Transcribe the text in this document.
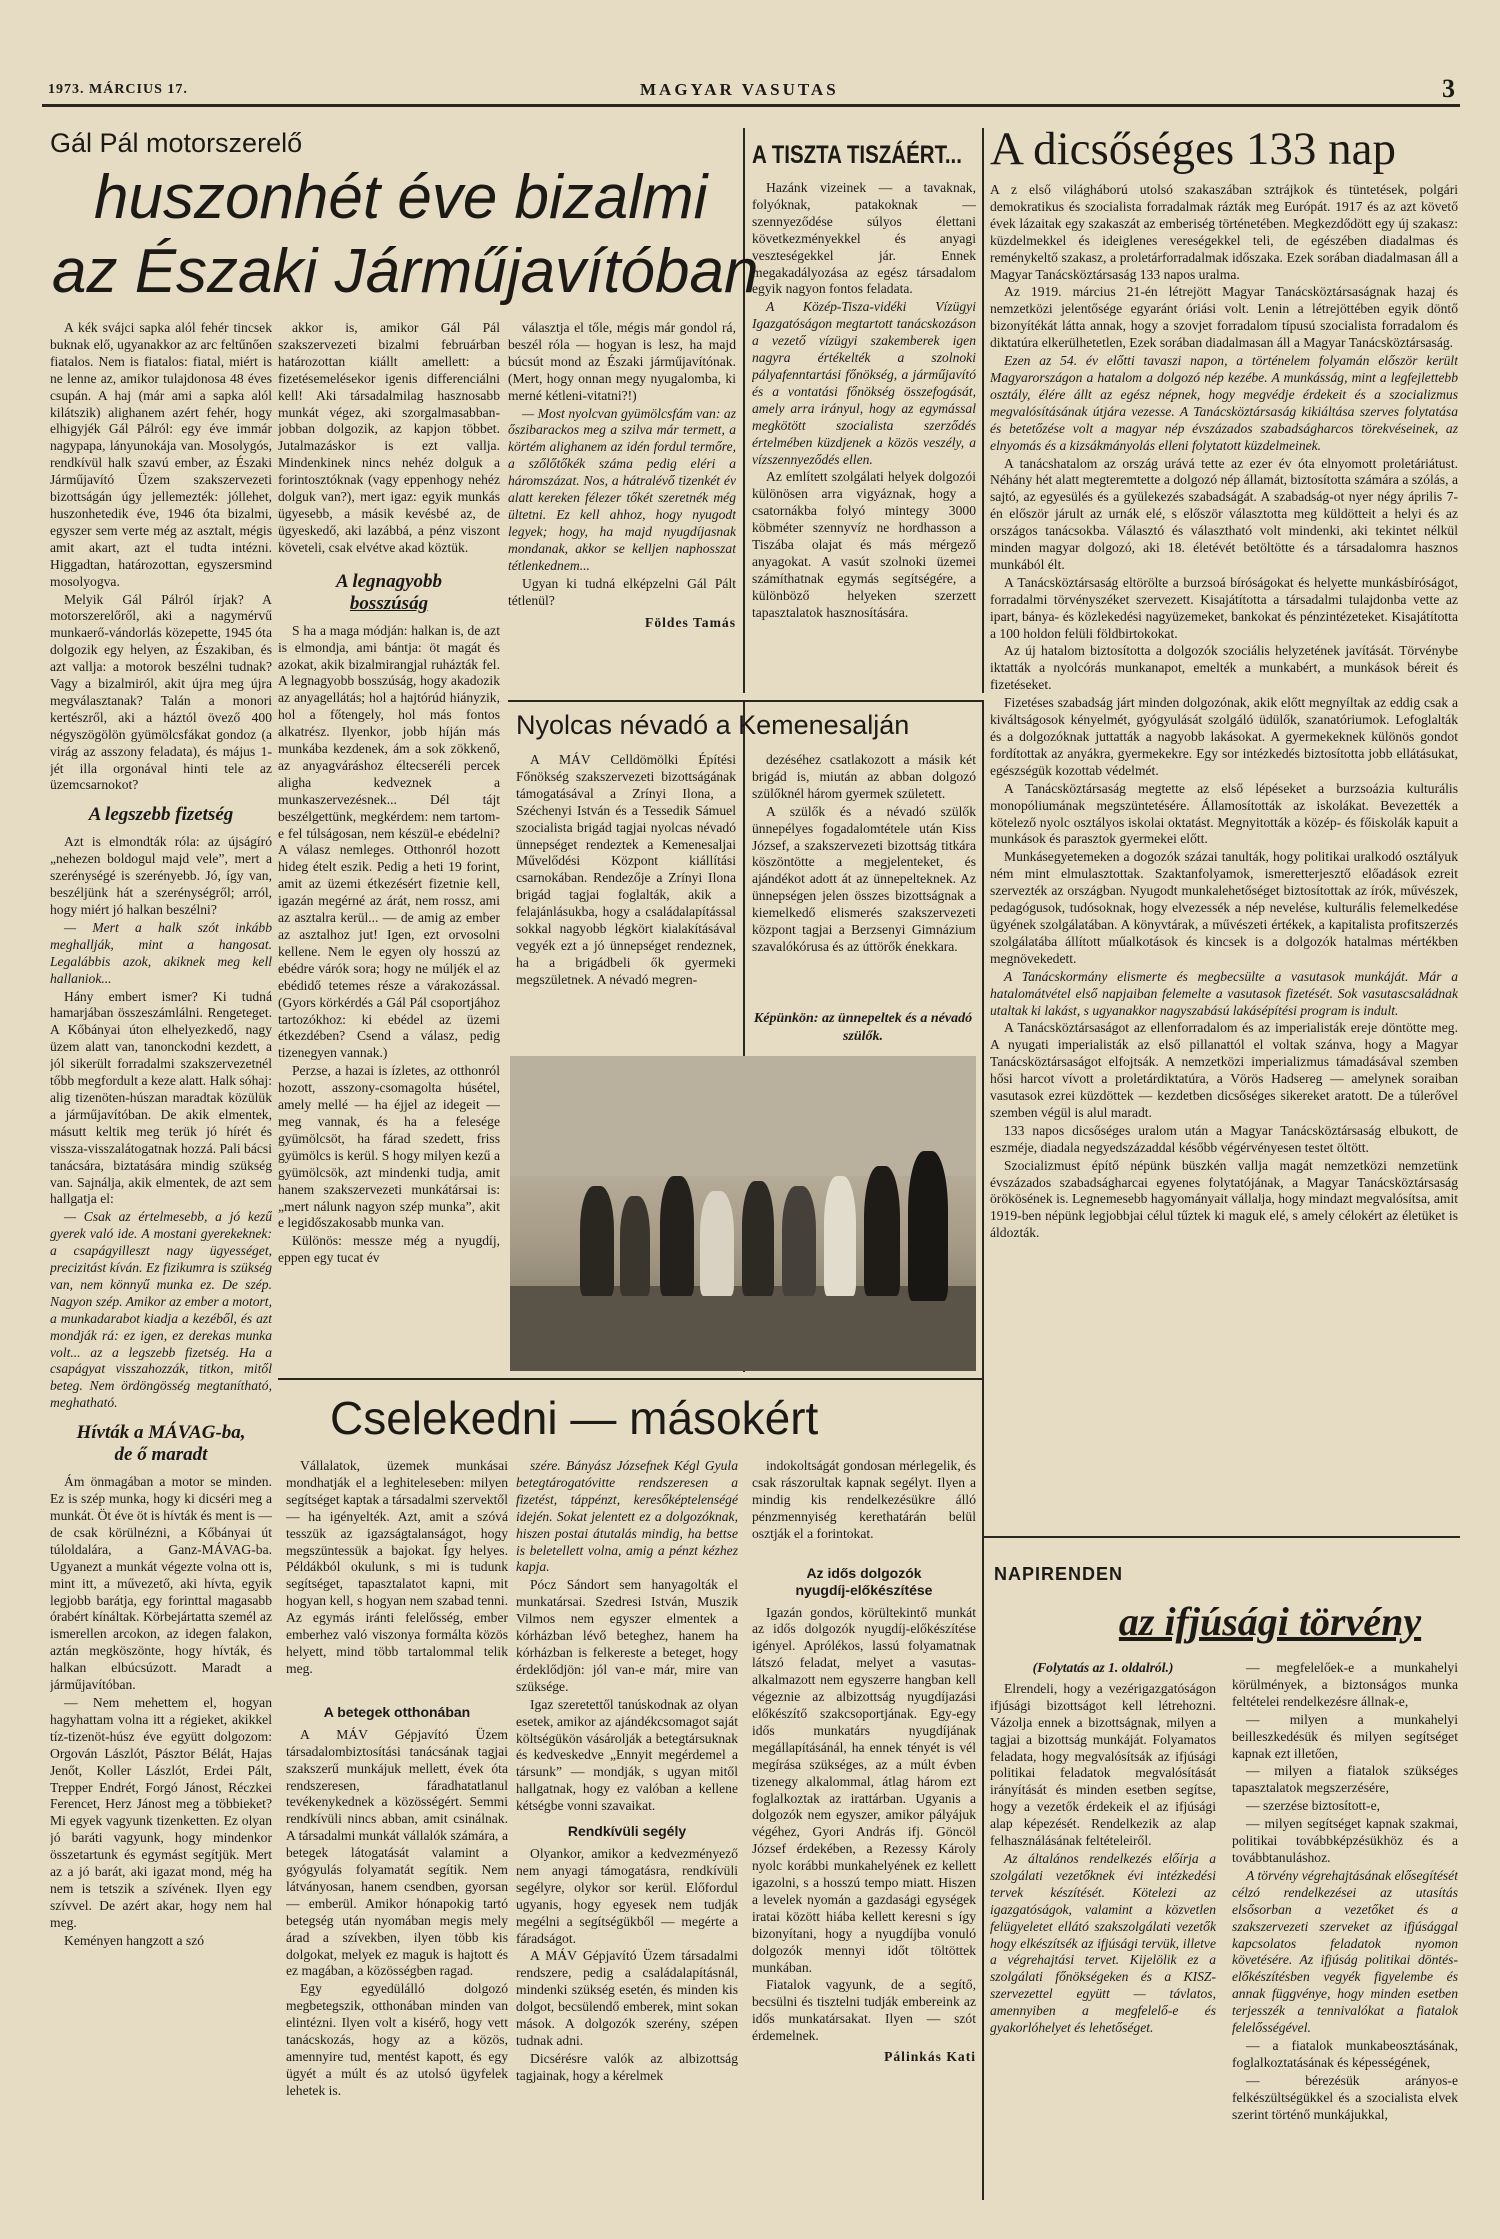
1973. MÁRCIUS 17.	MAGYAR VASUTAS	3
Gál Pál motorszerelő
huszonhét éve bizalmi
az Északi Járműjavítóban

A kék svájci sapka alól fehér tincsek buknak elő, ugyanakkor az arc feltűnően fiatalos. Nem is fiatalos: fiatal, miért is ne lenne az, amikor tulajdonosa 48 éves csupán. A haj (már ami a sapka alól kilátszik) alighanem azért fehér, hogy elhigyjék Gál Pálról: egy éve immár nagypapa, lányunokája van. Mosolygós, rendkívül halk szavú ember, az Északi Járműjavító Üzem szakszervezeti bizottságán úgy jellemezték: jóllehet, huszonhetedik éve, 1946 óta bizalmi, egyszer sem verte még az asztalt, mégis amit akart, azt el tudta intézni. Higgadtan, határozottan, egyszersmind mosolyogva.

Melyik Gál Pálról írjak? A motorszerelőről, aki a nagymérvű munkaerő-vándorlás közepette, 1945 óta dolgozik egy helyen, az Északiban, és azt vallja: a motorok beszélni tudnak? Vagy a bizalmiról, akit újra meg újra megválasztanak? Talán a monori kertészről, aki a háztól övező 400 négyszögölön gyümölcsfákat gondoz (a virág az asszony feladata), és május 1-jét illa orgonával hinti tele az üzemcsarnokot?

A legszebb fizetség

Azt is elmondták róla: az újságíró „nehezen boldogul majd vele”, mert a szerénységé is szerényebb. Jó, így van, beszéljünk hát a szerénységről; arról, hogy miért jó halkan beszélni?

— Mert a halk szót inkább meghallják, mint a hangosat. Legalábbis azok, akiknek meg kell hallaniok...

Hány embert ismer? Ki tudná hamarjában összeszámlálni. Rengeteget. A Kőbányai úton elhelyezkedő, nagy üzem alatt van, tanonckodni kezdett, a jól sikerült forradalmi szakszervezetnél tőbb megfordult a keze alatt. Halk sóhaj: alig tizenöten-húszan maradtak közülük a járműjavítóban. De akik elmentek, másutt keltik meg terük jó hírét és vissza-visszalátogatnak hozzá. Pali bácsi tanácsára, biztatására mindig szükség van. Sajnálja, akik elmentek, de azt sem hallgatja el:

— Csak az értelmesebb, a jó kezű gyerek való ide. A mostani gyerekeknek: a csapágyilleszt nagy ügyességet, precizitást kíván. Ez fizikumra is szükség van, nem könnyű munka ez. De szép. Nagyon szép. Amikor az ember a motort, a munkadarabot kiadja a kezéből, és azt mondják rá: ez igen, ez derekas munka volt... az a legszebb fizetség. Ha a csapágyat visszahozzák, titkon, mitől beteg. Nem ördöngösség megtanítható, meghatható.

Hívták a MÁVAG-ba,
de ő maradt

Ám önmagában a motor se minden. Ez is szép munka, hogy ki dicséri meg a munkát. Öt éve öt is hívták és ment is — de csak körülnézni, a Kőbányai út túloldalára, a Ganz-MÁVAG-ba. Ugyanezt a munkát végezte volna ott is, mint itt, a művezető, aki hívta, egyik legjobb barátja, egy forinttal magasabb órabért kínáltak. Körbejártatta személ az ismerellen arcokon, az idegen falakon, aztán megköszönte, hogy hívták, és halkan elbúcsúzott. Maradt a járműjavítóban.

— Nem mehettem el, hogyan hagyhattam volna itt a régieket, akikkel tíz-tizenöt-húsz éve együtt dolgozom: Orgován Lászlót, Pásztor Bélát, Hajas Jenőt, Koller Lászlót, Erdei Pált, Trepper Endrét, Forgó Jánost, Réczkei Ferencet, Herz Jánost meg a többieket? Mi egyek vagyunk tizenketten. Ez olyan jó baráti vagyunk, hogy mindenkor összetartunk és egymást segítjük. Mert az a jó barát, aki igazat mond, még ha nem is tetszik a szívének. Ilyen egy szívvel. De azért akar, hogy nem hal meg.

Keményen hangzott a szó

akkor is, amikor Gál Pál szakszervezeti bizalmi februárban határozottan kiállt amellett: a fizetésemelésekor igenis differenciálni kell! Aki társadalmilag hasznosabb munkát végez, aki szorgalmasabban-jobban dolgozik, az kapjon többet. Jutalmazáskor is ezt vallja. Mindenkinek nincs nehéz dolguk a forintosztóknak (vagy eppenhogy nehéz dolguk van?), mert igaz: egyik munkás ügyesebb, a másik kevésbé az, de ügyeskedő, aki lazábbá, a pénz viszont követeli, csak elvétve akad köztük.

A legnagyobb
bosszúság

S ha a maga módján: halkan is, de azt is elmondja, ami bántja: öt magát és azokat, akik bizalmirangjal ruházták fel. A legnagyobb bosszúság, hogy akadozik az anyagellátás; hol a hajtórúd hiányzik, hol a főtengely, hol más fontos alkatrész. Ilyenkor, jobb híján más munkába kezdenek, ám a sok zökkenő, az anyagváráshoz éltecseréli percek aligha kedveznek a munkaszervezésnek... Dél tájt beszélgettünk, megkérdem: nem tartom-e fel túlságosan, nem készül-e ebédelni? A válasz nemleges. Otthonról hozott hideg ételt eszik. Pedig a heti 19 forint, amit az üzemi étkezésért fizetnie kell, igazán megérné az árát, nem rossz, ami az asztalra kerül... — de amig az ember az asztalhoz jut! Igen, ezt orvosolni kellene. Nem le egyen oly hosszú az ebédre várók sora; hogy ne múljék el az ebédidő tetemes része a várakozással. (Gyors körkérdés a Gál Pál csoportjához tartozókhoz: ki ebédel az üzemi étkezdében? Csend a válasz, pedig tizenegyen vannak.)

Perzse, a hazai is ízletes, az otthonról hozott, asszony-csomagolta húsétel, amely mellé — ha éjjel az idegeit — meg vannak, és ha a felesége gyümölcsöt, ha fárad szedett, friss gyümölcs is kerül. S hogy milyen kezű a gyümölcsök, azt mindenki tudja, amit hanem szakszervezeti munkátársai is: „mert nálunk nagyon szép munka”, akit e legidőszakosabb munka van.

Különös: messze még a nyugdíj, eppen egy tucat év

választja el tőle, mégis már gondol rá, beszél róla — hogyan is lesz, ha majd búcsút mond az Északi járműjavítónak. (Mert, hogy onnan megy nyugalomba, ki merné kétleni-vitatni?!)

— Most nyolcvan gyümölcsfám van: az őszibarackos meg a szilva már termett, a körtém alighanem az idén fordul termőre, a szőlőtőkék száma pedig eléri a háromszázat. Nos, a hátralévő tizenkét év alatt kereken félezer tőkét szeretnék még ültetni. Ez kell ahhoz, hogy nyugodt legyek; hogy, ha majd nyugdíjasnak mondanak, akkor se kelljen naphosszat tétlenkednem...

Ugyan ki tudná elképzelni Gál Pált tétlenül?

Földes Tamás
A TISZTA TISZÁÉRT...

Hazánk vizeinek — a tavaknak, folyóknak, patakoknak — szennyeződése súlyos élettani következményekkel és anyagi veszteségekkel jár. Ennek megakadályozása az egész társadalom egyik nagyon fontos feladata.

A Közép-Tisza-vidéki Vízügyi Igazgatóságon megtartott tanácskozáson a vezető vízügyi szakemberek igen nagyra értékelték a szolnoki pályafenntartási főnökség, a járműjavító és a vontatási főnökség összefogását, amely arra irányul, hogy az egymással megkötött szocialista szerződés értelmében küzdjenek a közös veszély, a vízszennyeződés ellen.

Az említett szolgálati helyek dolgozói különösen arra vigyáznak, hogy a csatornákba folyó mintegy 3000 köbméter szennyvíz ne hordhasson a Tiszába olajat és más mérgező anyagokat. A vasút szolnoki üzemei számíthatnak egymás segítségére, a különböző helyeken szerzett tapasztalatok hasznosítására.

A dicsőséges 133 nap

A z első világháború utolsó szakaszában sztrájkok és tüntetések, polgári demokratikus és szocialista forradalmak rázták meg Európát. 1917 és az azt követő évek lázaitak egy szakaszát az emberiség történetében. Megkezdődött egy új szakasz: küzdelmekkel és ideiglenes vereségekkel teli, de egészében diadalmas és reménykeltő szakasz, a proletárforradalmak időszaka. Ezek sorában diadalmasan áll a Magyar Tanácsköztársaság 133 napos uralma.

Az 1919. március 21-én létrejött Magyar Tanácsköztársaságnak hazaj és nemzetközi jelentősége egyaránt óriási volt. Lenin a létrejöttében egyik döntő bizonyítékát látta annak, hogy a szovjet forradalom típusú szocialista forradalom és diktatúra elkerülhetetlen, Ezek sorában diadalmasan áll a Magyar Tanácsköztársaság.

Ezen az 54. év előtti tavaszi napon, a történelem folyamán először került Magyarországon a hatalom a dolgozó nép kezébe. A munkásság, mint a legfejlettebb osztály, élére állt az egész népnek, hogy megvédje érdekeit és a szocializmus megvalósításának útjára vezesse. A Tanácsköztársaság kikiáltása szerves folytatása és betetőzése volt a magyar nép évszázados szabadságharcos törekvéseinek, az elnyomás és a kizsákmányolás elleni folytatott küzdelmeinek.

A tanácshatalom az ország urává tette az ezer év óta elnyomott proletáriátust. Néhány hét alatt megteremtette a dolgozó nép államát, biztosította számára a szólás, a sajtó, az egyesülés és a gyülekezés szabadságát. A szabadság-ot nyer négy április 7-én először járult az urnák elé, s először választotta meg küldötteit a helyi és az országos tanácsokba. Választó és választható volt mindenki, aki tekintet nélkül minden magyar dolgozó, aki 18. életévét betöltötte és a társadalomra hasznos munkából élt.

A Tanácsköztársaság eltörölte a burzsoá bíróságokat és helyette munkásbíróságot, forradalmi törvényszéket szervezett. Kisajátította a társadalmi tulajdonba vette az ipart, bánya- és közlekedési nagyüzemeket, bankokat és pénzintézeteket. Kisajátította a 100 holdon felüli földbirtokokat.

Az új hatalom biztosította a dolgozók szociális helyzetének javítását. Törvénybe iktatták a nyolcórás munkanapot, emelték a munkabért, a munkások béreit és fizetéseket.

Fizetéses szabadság járt minden dolgozónak, akik előtt megnyíltak az eddig csak a kiváltságosok kényelmét, gyógyulását szolgáló üdülők, szanatóriumok. Lefoglalták és a dolgozóknak juttatták a nagyobb lakásokat. A gyermekeknek különös gondot fordítottak az anyákra, gyermekekre. Egy sor intézkedés biztosította jobb ellátásukat, egészségük kozottab védelmét.

A Tanácsköztársaság megtette az első lépéseket a burzsoázia kulturális monopóliumának megszüntetésére. Államosították az iskolákat. Bevezették a kötelező nyolc osztályos iskolai oktatást. Megnyitották a közép- és főiskolák kapuit a munkások és parasztok gyermekei előtt.

Munkásegyetemeken a dogozók százai tanulták, hogy politikai uralkodó osztályuk ném mint elmulasztottak. Szaktanfolyamok, ismeretterjesztő előadások ezreit szervezték az országban. Nyugodt munkalehetőséget biztosítottak az írók, művészek, pedagógusok, tudósoknak, hogy elvezessék a nép nevelése, kulturális felemelkedése ügyének szolgálatában. A könyvtárak, a művészeti értékek, a kapitalista profitszerzés szolgálatába állított műalkotások és kincsek is a dolgozók hatalmas mértékben megnövekedett.

A Tanácskormány elismerte és megbecsülte a vasutasok munkáját. Már a hatalomátvétel első napjaiban felemelte a vasutasok fizetését. Sok vasutascsaládnak utaltak ki lakást, s ugyanakkor nagyszabású lakásépítési program is indult.

A Tanácsköztársaságot az ellenforradalom és az imperialisták ereje döntötte meg. A nyugati imperialisták az első pillanattól el voltak szánva, hogy a Magyar Tanácsköztársaságot elfojtsák. A nemzetközi imperializmus támadásával szemben hősi harcot vívott a proletárdiktatúra, a Vörös Hadsereg — amelynek soraiban vasutasok ezrei küzdöttek — kezdetben dicsőséges sikereket aratott. De a túlerővel szemben végül is alul maradt.

133 napos dicsőséges uralom után a Magyar Tanácsköztársaság elbukott, de eszméje, diadala negyedszázaddal később végérvényesen testet öltött.

Szocializmust építő népünk büszkén vallja magát nemzetközi nemzetünk évszázados szabadságharcai egyenes folytatójának, a Magyar Tanácsköztársaság örökösének is. Legnemesebb hagyományait vállalja, hogy mindazt megvalósítsa, amit 1919-ben népünk legjobbjai célul tűztek ki maguk elé, s amely célokért az életüket is áldozták.

Nyolcas névadó a Kemenesalján

A MÁV Celldömölki Építési Főnökség szakszervezeti bizottságának támogatásával a Zrínyi Ilona, a Széchenyi István és a Tessedik Sámuel szocialista brigád tagjai nyolcas névadó ünnepséget rendeztek a Kemenesaljai Művelődési Központ kiállítási csarnokában. Rendezője a Zrínyi Ilona brigád tagjai foglalták, akik a felajánlásukba, hogy a családalapítással sokkal nagyobb légkört kialakításával vegyék ezt a jó ünnepséget rendeznek, ha a brigádbeli ők gyermeki megszületnek. A névadó megren-

dezéséhez csatlakozott a másik két brigád is, miután az abban dolgozó szülőknél három gyermek született.

A szülők és a névadó szülők ünnepélyes fogadalomtétele után Kiss József, a szakszervezeti bizottság titkára köszöntötte a megjelenteket, és ajándékot adott át az ünnepelteknek. Az ünnepségen jelen összes bizottságnak a kiemelkedő elismerés szakszervezeti központ tagjai a Berzsenyi Gimnázium szavalókórusa és az úttörők énekkara.

Képünkön: az ünnepeltek és a névadó szülők.
Cselekedni — másokért

Vállalatok, üzemek munkásai mondhatják el a leghiteleseben: milyen segítséget kaptak a társadalmi szervektől — ha igényelték. Azt, amit a szóvá tesszük az igazságtalanságot, hogy megszüntessük a bajokat. Így helyes. Példákból okulunk, s mi is tudunk segítséget, tapasztalatot kapni, mit hogyan kell, s hogyan nem szabad tenni. Az egymás iránti felelősség, ember emberhez való viszonya formálta közös helyett, mind több tartalommal telik meg.

A betegek otthonában

A MÁV Gépjavító Üzem társadalombiztosítási tanácsának tagjai szakszerű munkájuk mellett, évek óta rendszeresen, fáradhatatlanul tevékenykednek a közösségért. Semmi rendkívüli nincs abban, amit csinálnak. A társadalmi munkát vállalók számára, a betegek látogatását valamint a gyógyulás folyamatát segítik. Nem látványosan, hanem csendben, gyorsan — emberül. Amikor hónapokig tartó betegség után nyomában megis mely árad a szívekben, ilyen több kis dolgokat, melyek ez maguk is hajtott és ez magában, a közösségben ragad.

Egy egyedülálló dolgozó megbetegszik, otthonában minden van elintézni. Ilyen volt a kisérő, hogy vett tanácskozás, hogy az a közös, amennyire tud, mentést kapott, és egy ügyét a múlt és az utolsó ügyfelek lehetek is.

szére. Bányász Józsefnek Kégl Gyula betegtárogatóvitte rendszeresen a fizetést, táppénzt, keresőképtelenségé idején. Sokat jelentett ez a dolgozóknak, hiszen postai átutalás mindig, ha bettse is beletellett volna, amig a pénzt kézhez kapja.

Pócz Sándort sem hanyagolták el munkatársai. Szedresi István, Muszik Vilmos nem egyszer elmentek a kórházban lévő beteghez, hanem ha kórházban is felkereste a beteget, hogy érdeklődjön: jól van-e már, mire van szüksége.

Igaz szeretettől tanúskodnak az olyan esetek, amikor az ajándékcsomagot saját költségükön vásárolják a betegtársuknak és kedveskedve „Ennyit megérdemel a társunk” — mondják, s ugyan mitől hallgatnak, hogy ez valóban a kellene kétségbe vonni szavaikat.

Rendkívüli segély

Olyankor, amikor a kedvezményező nem anyagi támogatásra, rendkívüli segélyre, olykor sor kerül. Előfordul ugyanis, hogy egyesek nem tudják megélni a segítségükből — megérte a fáradságot.

A MÁV Gépjavító Üzem társadalmi rendszere, pedig a családalapításnál, mindenki szükség esetén, és minden kis dolgot, becsülendő emberek, mint sokan mások. A dolgozók szerény, szépen tudnak adni.

Dicsérésre valók az albizottság tagjainak, hogy a kérelmek

indokoltságát gondosan mérlegelik, és csak rászorultak kapnak segélyt. Ilyen a mindig kis rendelkezésükre álló pénzmennyiség kerethatárán belül osztják el a forintokat.

Az idős dolgozók
nyugdíj-előkészítése

Igazán gondos, körültekintő munkát az idős dolgozók nyugdíj-előkészítése igényel. Aprólékos, lassú folyamatnak látszó feladat, melyet a vasutas-alkalmazott nem egyszerre hangban kell végeznie az albizottság nyugdíjazási előkészítő szakcsoportjának. Egy-egy idős munkatárs nyugdíjának megállapításánál, ha ennek tényét is vél megírása szükséges, az a múlt évben tizenegy alkalommal, átlag három ezt foglalkoztak az irattárban. Ugyanis a dolgozók nem egyszer, amikor pályájuk végéhez, Gyori András ifj. Göncöl József érdekében, a Rezessy Károly nyolc korábbi munkahelyének ez kellett igazolni, s a hosszú tempo miatt. Hiszen a levelek nyomán a gazdasági egységek iratai között hiába kellett keresni s így bizonyítani, hogy a nyugdíjba vonuló dolgozók mennyi időt töltöttek munkában.

Fiatalok vagyunk, de a segítő, becsülni és tisztelni tudják embereink az idős munkatársakat. Ilyen — szót érdemelnek.

Pálinkás Kati
NAPIRENDEN
az ifjúsági törvény
(Folytatás az 1. oldalról.)

Elrendeli, hogy a vezérigazgatóságon ifjúsági bizottságot kell létrehozni. Vázolja ennek a bizottságnak, milyen a tagjai a bizottság munkáját. Folyamatos feladata, hogy megvalósítsák az ifjúsági politikai feladatok megvalósítását irányítását és minden esetben segítse, hogy a vezetők érdekeik el az ifjúsági alap képezését. Rendelkezik az alap felhasználásának feltételeiről.

Az általános rendelkezés előírja a szolgálati vezetőknek évi intézkedési tervek készítését. Kötelezi az igazgatóságok, valamint a közvetlen felügyeletet ellátó szakszolgálati vezetők hogy elkészítsék az ifjúsági tervük, illetve a végrehajtási tervet. Kijelölik ez a szolgálati főnökségeken és a KISZ-szervezettel együtt — távlatos, amennyiben a megfelelő-e és gyakorlóhelyet és lehetőséget.

— megfelelőek-e a munkahelyi körülmények, a biztonságos munka feltételei rendelkezésre állnak-e,

— milyen a munkahelyi beilleszkedésük és milyen segítséget kapnak ezt illetően,

— milyen a fiatalok szükséges tapasztalatok megszerzésére,

— szerzése biztosított-e,

— milyen segítséget kapnak szakmai, politikai továbbképzésükhöz és a továbbtanuláshoz.

A törvény végrehajtásának elősegítését célzó rendelkezései az utasítás elsősorban a vezetőket és a szakszervezeti szerveket az ifjúsággal kapcsolatos feladatok nyomon követésére. Az ifjúság politikai döntés-előkészítésben vegyék figyelembe és annak függvénye, hogy minden esetben terjesszék a tennivalókat a fiatalok felelősségével.

— a fiatalok munkabeosztásának, foglalkoztatásának és képességének,

— bérezésük arányos-e felkészültségükkel és a szocialista elvek szerint történő munkájukkal,
